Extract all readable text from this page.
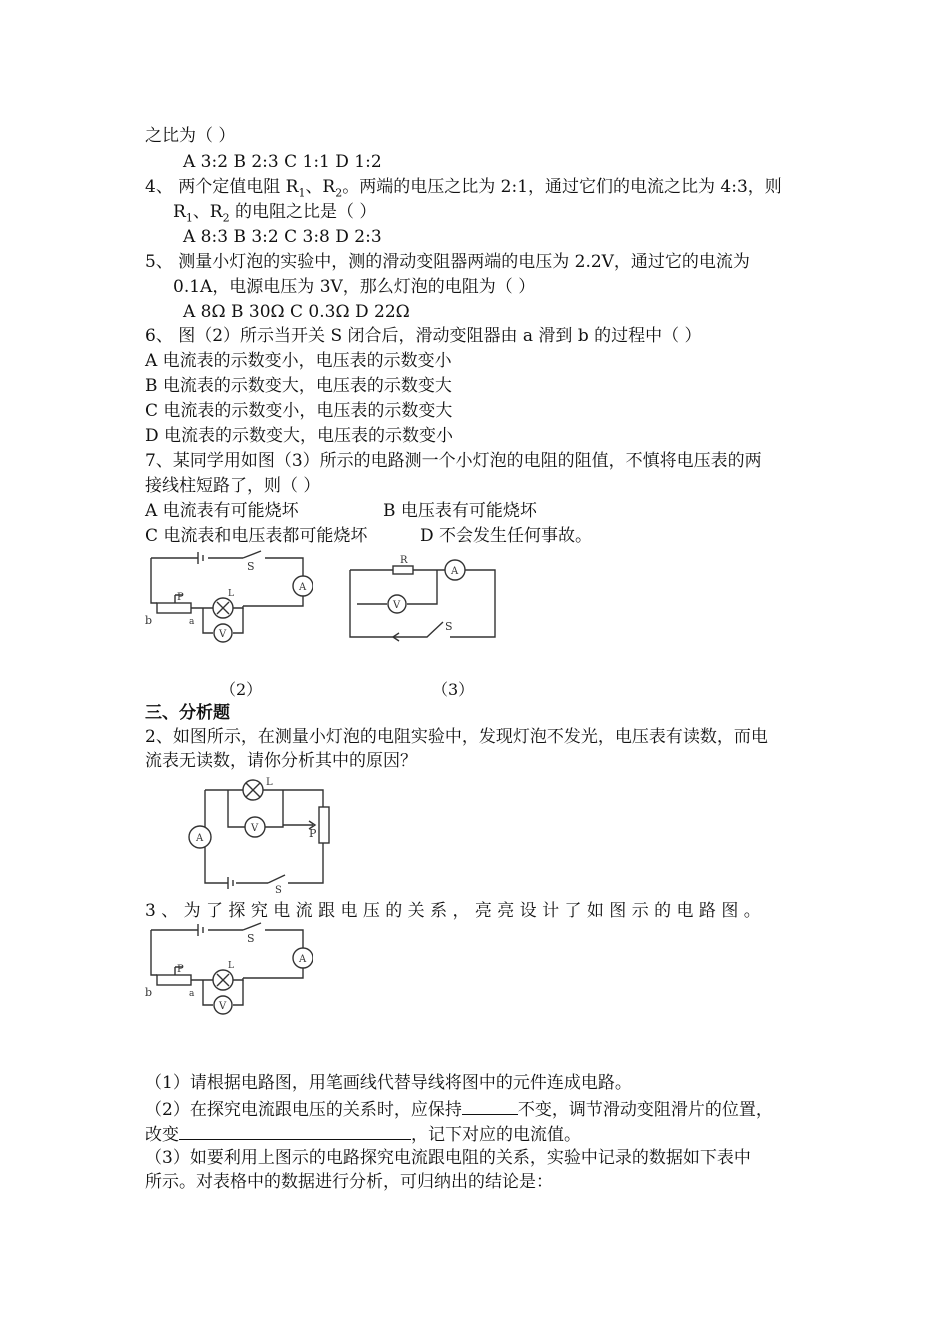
之比为（ ）
A 3:2 B 2:3 C 1:1 D 1:2
4、 两个定值电阻 $R_1$、$R_2$。两端的电压之比为 2:1，通过它们的电流之比为 4:3，则
$R_1$、$R_2$ 的电阻之比是（ ）
A 8:3 B 3:2 C 3:8 D 2:3
5、 测量小灯泡的实验中，测的滑动变阻器两端的电压为 2.2V，通过它的电流为
0.1A，电源电压为 3V，那么灯泡的电阻为（ ）
A 8Ω B 30Ω C 0.3Ω D 22Ω
6、 图（2）所示当开关 S 闭合后，滑动变阻器由 a 滑到 b 的过程中（ ）
A 电流表的示数变小，电压表的示数变小
B 电流表的示数变大，电压表的示数变大
C 电流表的示数变小，电压表的示数变大
D 电流表的示数变大，电压表的示数变小
7、某同学用如图（3）所示的电路测一个小灯泡的电阻的阻值，不慎将电压表的两
接线柱短路了，则（ ）
A 电流表有可能烧坏	B 电压表有可能烧坏
C 电流表和电压表都可能烧坏	D 不会发生任何事故。
S
A
L
P
b	a
V
R
A
V
S
（2）	（3）
三、分析题
2、如图所示，在测量小灯泡的电阻实验中，发现灯泡不发光，电压表有读数，而电
流表无读数，请你分析其中的原因？
L
V
A	P
S
3 、 为 了 探 究 电 流 跟 电 压 的 关 系 ， 亮 亮 设 计 了 如 图 示 的 电 路 图 。
S
A
L
P
b	a
V
（1）请根据电路图，用笔画线代替导线将图中的元件连成电路。
（2）在探究电流跟电压的关系时，应保持	不变，调节滑动变阻滑片的位置，
改变	，记下对应的电流值。
（3）如要利用上图示的电路探究电流跟电阻的关系，实验中记录的数据如下表中
所示。对表格中的数据进行分析，可归纳出的结论是：
